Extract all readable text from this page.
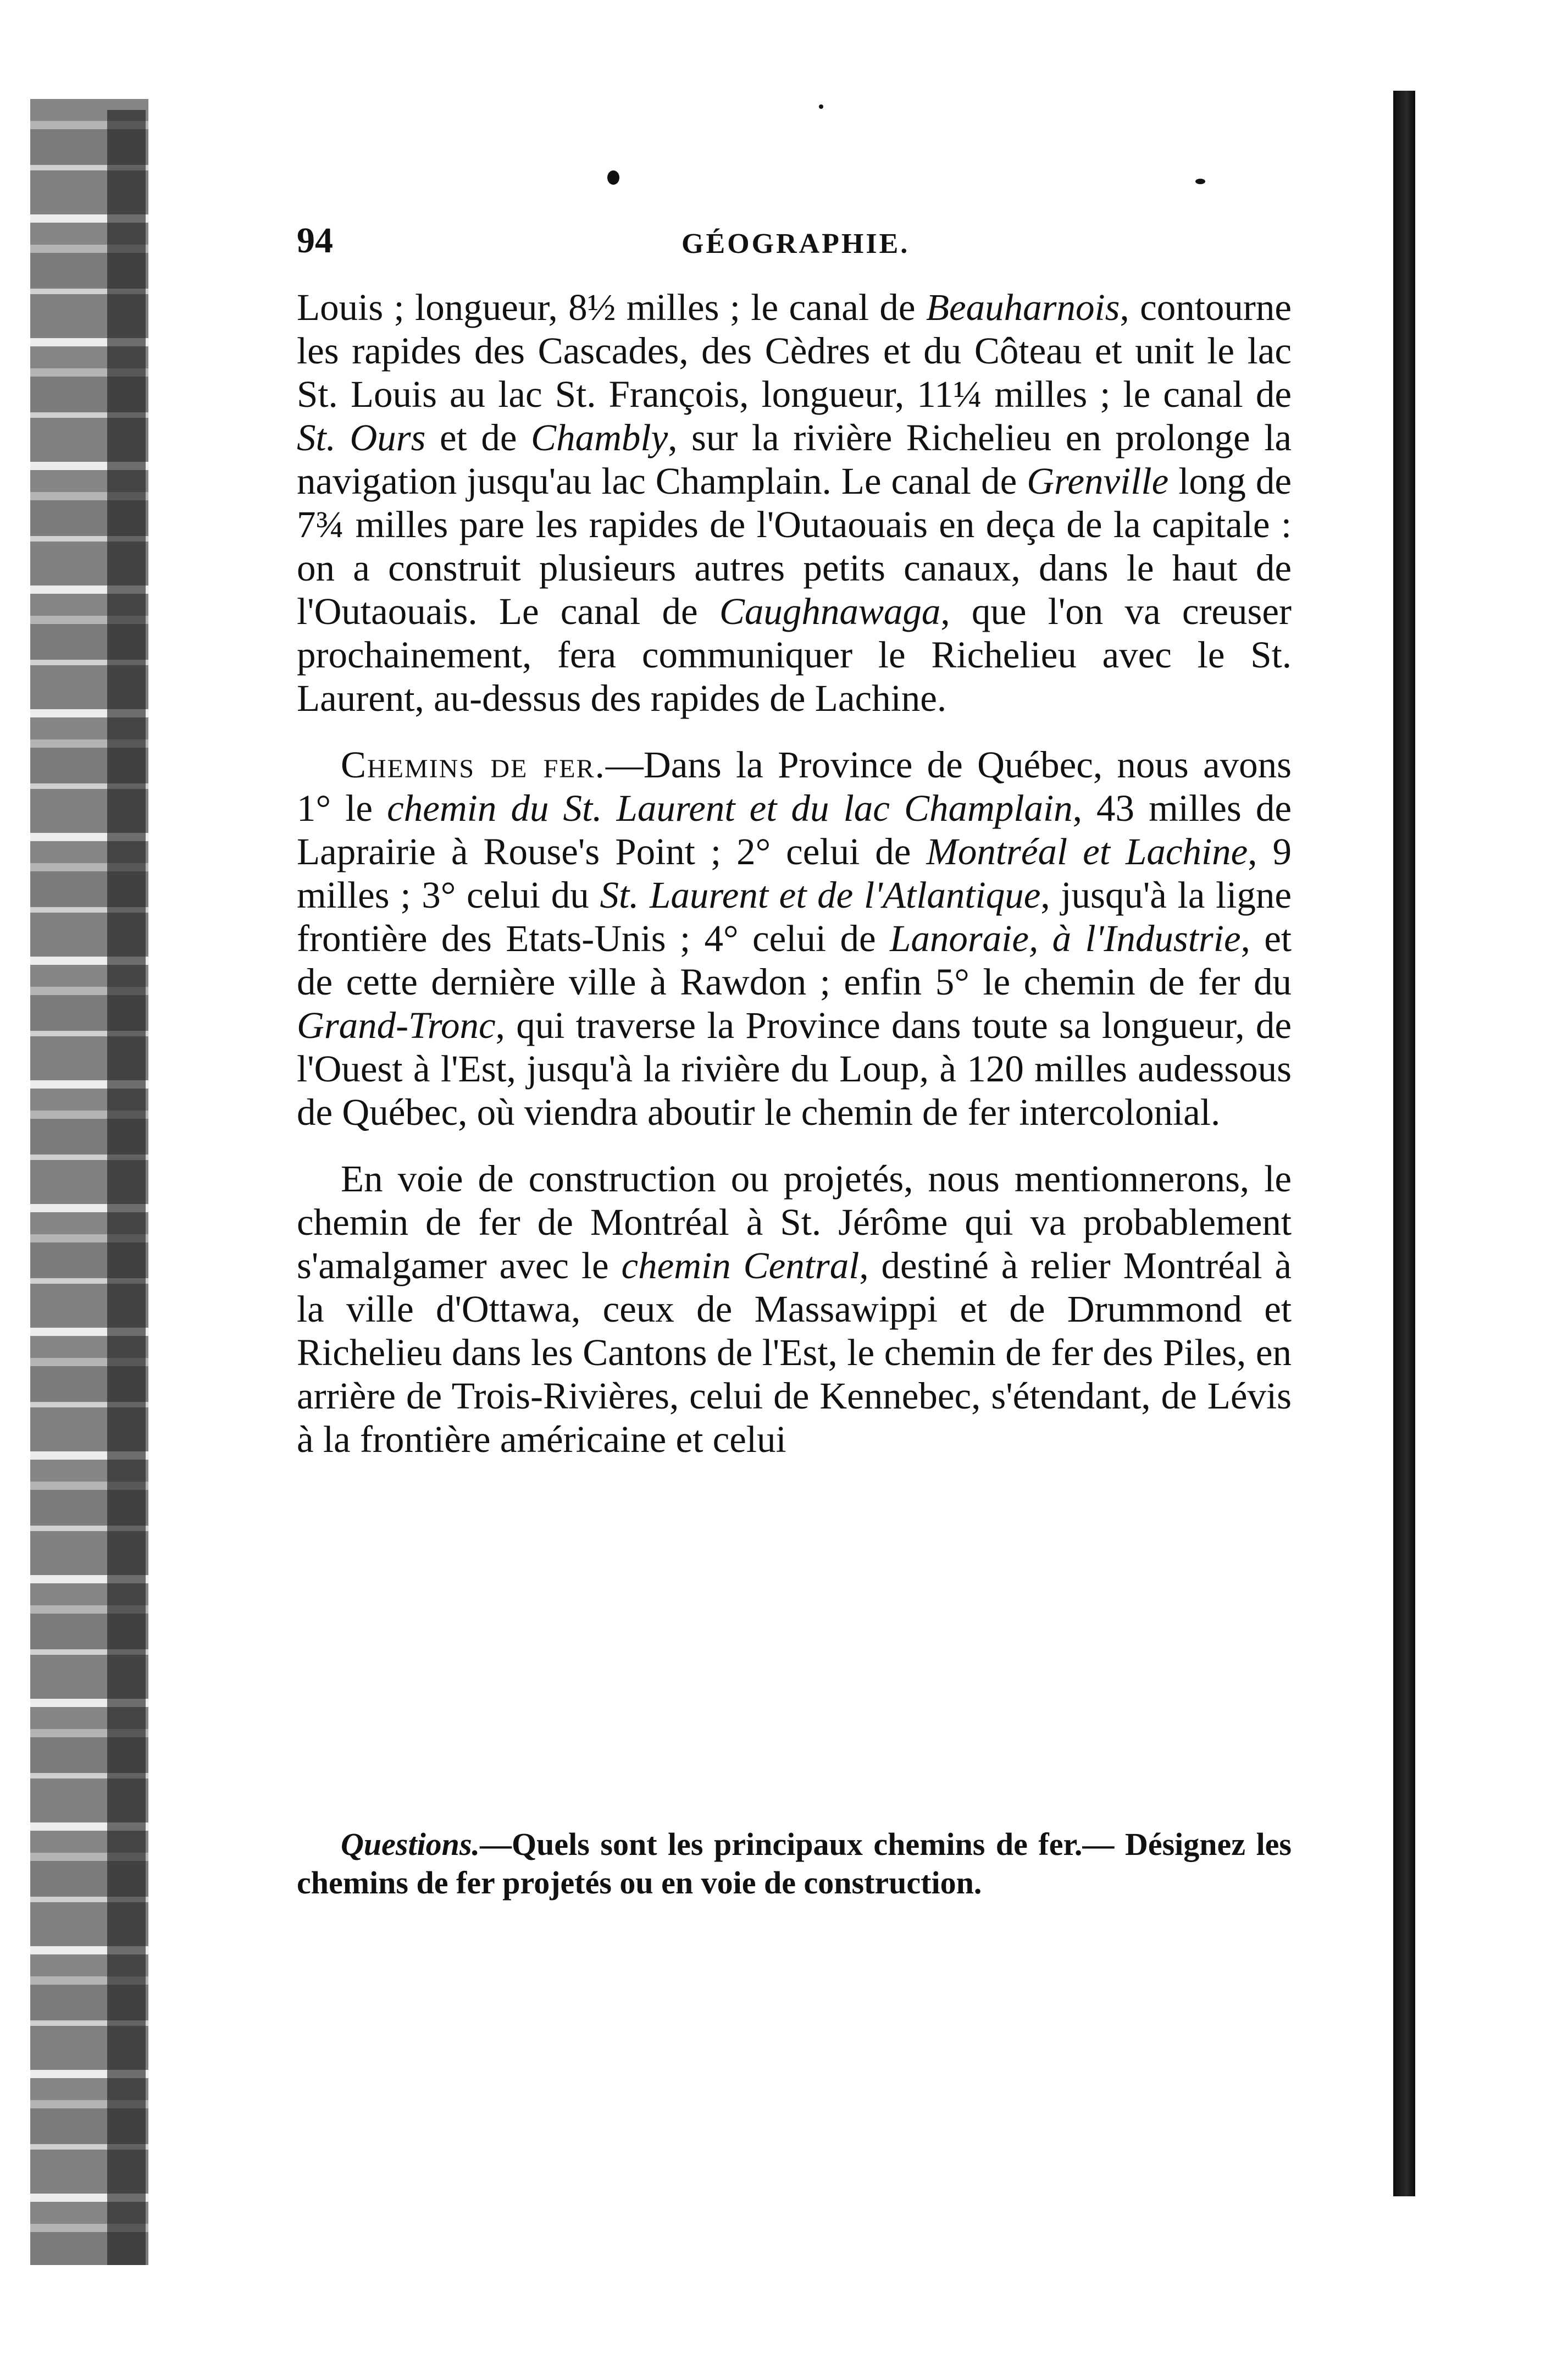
94	GÉOGRAPHIE.

Louis ; longueur, 8½ milles ; le canal de Beauharnois, contourne les rapides des Cascades, des Cèdres et du Côteau et unit le lac St. Louis au lac St. François, longueur, 11¼ milles ; le canal de St. Ours et de Chambly, sur la rivière Richelieu en prolonge la navigation jusqu'au lac Champlain. Le canal de Grenville long de 7¾ milles pare les rapides de l'Outaouais en deça de la capitale : on a construit plusieurs autres petits canaux, dans le haut de l'Outaouais. Le canal de Caughnawaga, que l'on va creuser prochainement, fera communiquer le Richelieu avec le St. Laurent, au-dessus des rapides de Lachine.

Chemins de fer.—Dans la Province de Québec, nous avons 1° le chemin du St. Laurent et du lac Champlain, 43 milles de Laprairie à Rouse's Point ; 2° celui de Montréal et Lachine, 9 milles ; 3° celui du St. Laurent et de l'Atlantique, jusqu'à la ligne frontière des Etats-Unis ; 4° celui de Lanoraie, à l'Industrie, et de cette dernière ville à Rawdon ; enfin 5° le chemin de fer du Grand-Tronc, qui traverse la Province dans toute sa longueur, de l'Ouest à l'Est, jusqu'à la rivière du Loup, à 120 milles audessous de Québec, où viendra aboutir le chemin de fer intercolonial.

En voie de construction ou projetés, nous mentionnerons, le chemin de fer de Montréal à St. Jérôme qui va probablement s'amalgamer avec le chemin Central, destiné à relier Montréal à la ville d'Ottawa, ceux de Massawippi et de Drummond et Richelieu dans les Cantons de l'Est, le chemin de fer des Piles, en arrière de Trois-Rivières, celui de Kennebec, s'étendant, de Lévis à la frontière américaine et celui

Questions.—Quels sont les principaux chemins de fer.— Désignez les chemins de fer projetés ou en voie de construction.
